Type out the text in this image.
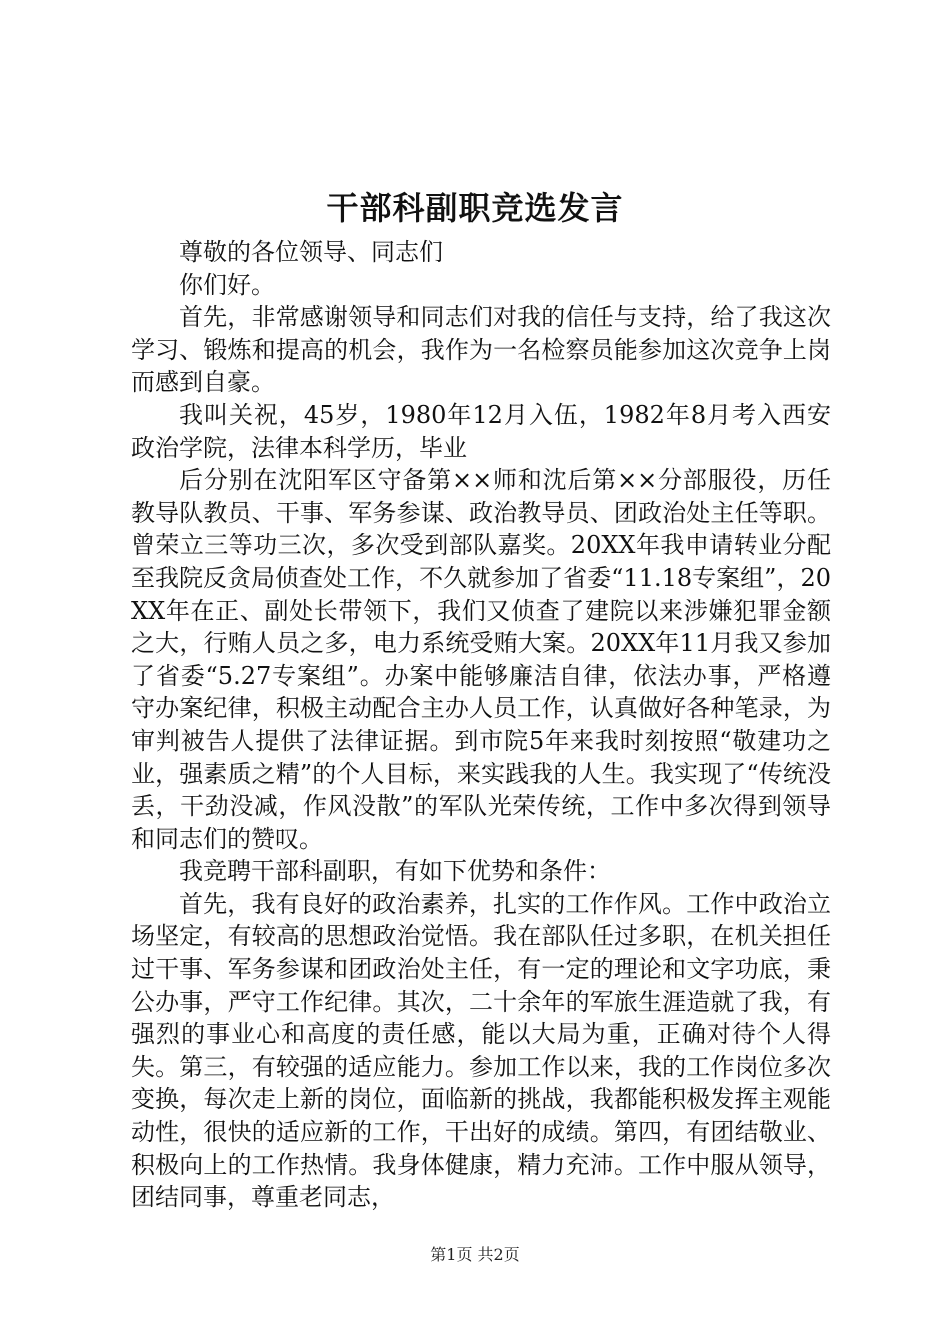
干部科副职竞选发言

尊敬的各位领导、同志们

你们好。

首先，非常感谢领导和同志们对我的信任与支持，给了我这次学习、锻炼和提高的机会，我作为一名检察员能参加这次竞争上岗而感到自豪。

我叫关祝，45岁，1980年12月入伍，1982年8月考入西安政治学院，法律本科学历，毕业

后分别在沈阳军区守备第××师和沈后第××分部服役，历任教导队教员、干事、军务参谋、政治教导员、团政治处主任等职。曾荣立三等功三次，多次受到部队嘉奖。20XX年我申请转业分配至我院反贪局侦查处工作，不久就参加了省委“11.18专案组”，20XX年在正、副处长带领下，我们又侦查了建院以来涉嫌犯罪金额之大，行贿人员之多，电力系统受贿大案。20XX年11月我又参加了省委“5.27专案组”。办案中能够廉洁自律，依法办事，严格遵守办案纪律，积极主动配合主办人员工作，认真做好各种笔录，为审判被告人提供了法律证据。到市院5年来我时刻按照“敬建功之业，强素质之精”的个人目标，来实践我的人生。我实现了“传统没丢，干劲没减，作风没散”的军队光荣传统，工作中多次得到领导和同志们的赞叹。

我竞聘干部科副职，有如下优势和条件：

首先，我有良好的政治素养，扎实的工作作风。工作中政治立场坚定，有较高的思想政治觉悟。我在部队任过多职，在机关担任过干事、军务参谋和团政治处主任，有一定的理论和文字功底，秉公办事，严守工作纪律。其次，二十余年的军旅生涯造就了我，有强烈的事业心和高度的责任感，能以大局为重，正确对待个人得失。第三，有较强的适应能力。参加工作以来，我的工作岗位多次变换，每次走上新的岗位，面临新的挑战，我都能积极发挥主观能动性，很快的适应新的工作，干出好的成绩。第四，有团结敬业、积极向上的工作热情。我身体健康，精力充沛。工作中服从领导，团结同事，尊重老同志，

第1页 共2页
